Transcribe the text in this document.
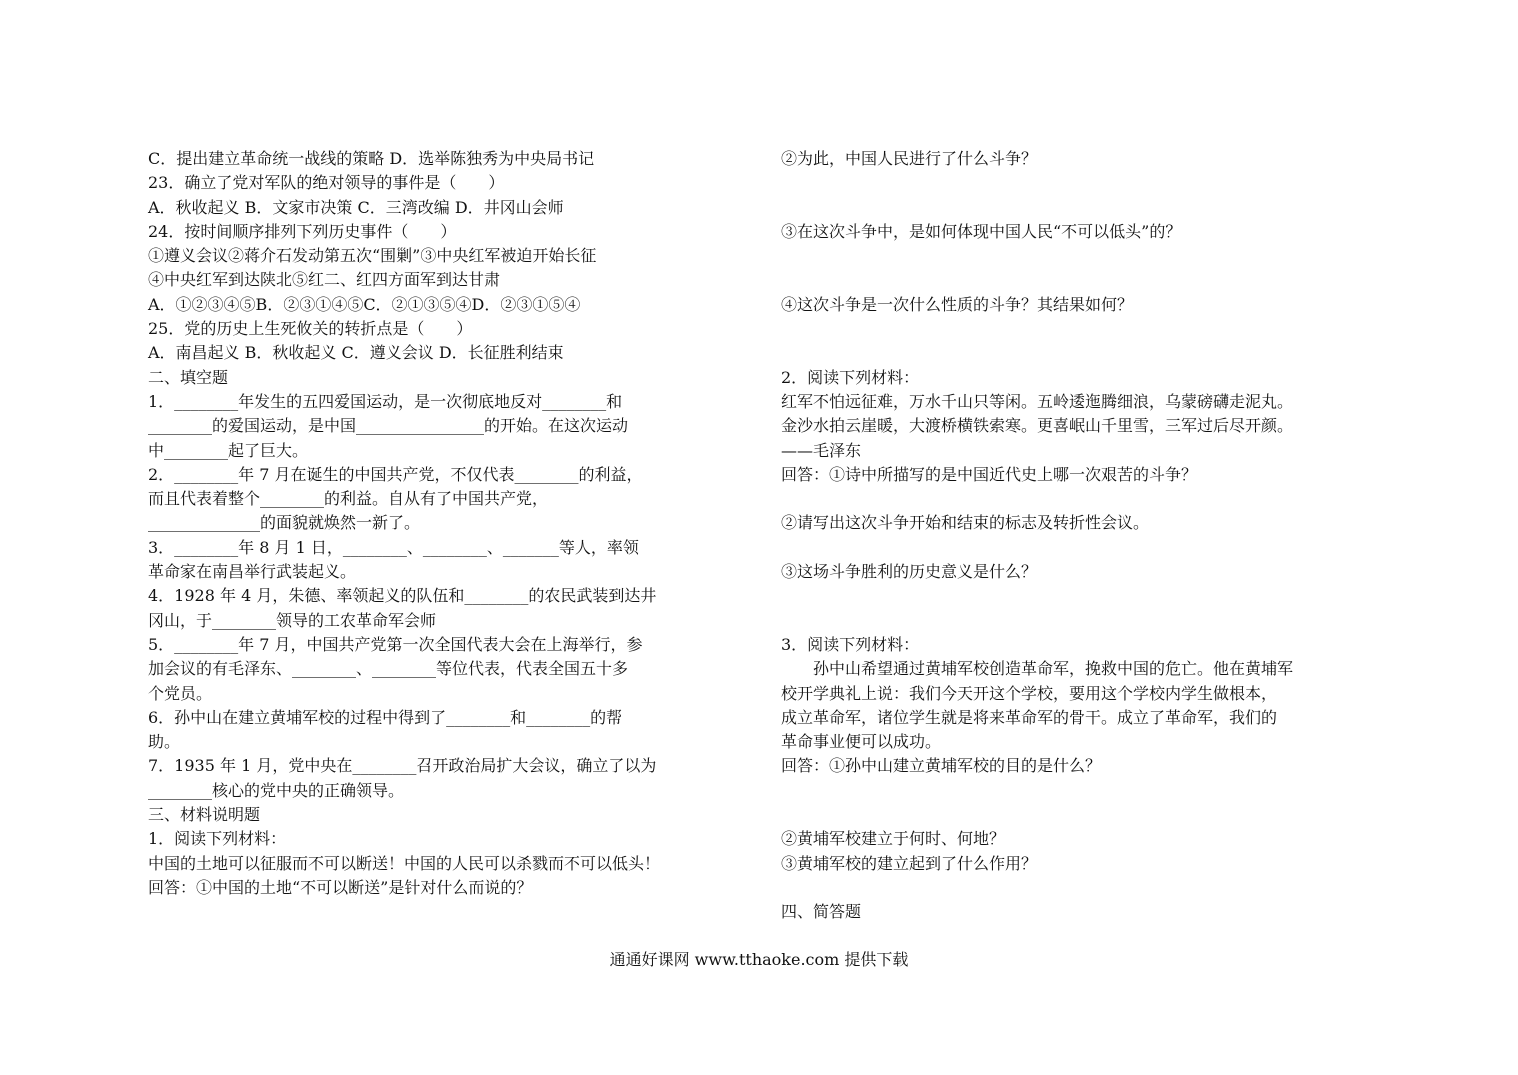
C．提出建立革命统一战线的策略 D．选举陈独秀为中央局书记
23．确立了党对军队的绝对领导的事件是（　　）
A．秋收起义 B．文家市决策 C．三湾改编 D．井冈山会师
24．按时间顺序排列下列历史事件（　　）
①遵义会议②蒋介石发动第五次“围剿”③中央红军被迫开始长征
④中央红军到达陕北⑤红二、红四方面军到达甘肃
A．①②③④⑤B．②③①④⑤C．②①③⑤④D．②③①⑤④
25．党的历史上生死攸关的转折点是（　　）
A．南昌起义 B．秋收起义 C．遵义会议 D．长征胜利结束
二、填空题
1．________年发生的五四爱国运动，是一次彻底地反对________和
________的爱国运动，是中国________________的开始。在这次运动
中________起了巨大。
2．________年 7 月在诞生的中国共产党，不仅代表________的利益，
而且代表着整个________的利益。自从有了中国共产党，
______________的面貌就焕然一新了。
3．________年 8 月 1 日，________、________、_______等人，率领
革命家在南昌举行武装起义。
4．1928 年 4 月，朱德、率领起义的队伍和________的农民武装到达井
冈山，于________领导的工农革命军会师
5．________年 7 月，中国共产党第一次全国代表大会在上海举行，参
加会议的有毛泽东、________、________等位代表，代表全国五十多
个党员。
6．孙中山在建立黄埔军校的过程中得到了________和________的帮
助。
7．1935 年 1 月，党中央在________召开政治局扩大会议，确立了以为
________核心的党中央的正确领导。
三、材料说明题
1．阅读下列材料：
中国的土地可以征服而不可以断送！中国的人民可以杀戮而不可以低头！
回答：①中国的土地“不可以断送”是针对什么而说的？
②为此，中国人民进行了什么斗争？
③在这次斗争中，是如何体现中国人民“不可以低头”的？
④这次斗争是一次什么性质的斗争？其结果如何？
2．阅读下列材料：
红军不怕远征难，万水千山只等闲。五岭逶迤腾细浪，乌蒙磅礴走泥丸。
金沙水拍云崖暖，大渡桥横铁索寒。更喜岷山千里雪，三军过后尽开颜。
——毛泽东
回答：①诗中所描写的是中国近代史上哪一次艰苦的斗争？
②请写出这次斗争开始和结束的标志及转折性会议。
③这场斗争胜利的历史意义是什么？
3．阅读下列材料：
孙中山希望通过黄埔军校创造革命军，挽救中国的危亡。他在黄埔军
校开学典礼上说：我们今天开这个学校，要用这个学校内学生做根本，
成立革命军，诸位学生就是将来革命军的骨干。成立了革命军，我们的
革命事业便可以成功。
回答：①孙中山建立黄埔军校的目的是什么？
②黄埔军校建立于何时、何地？
③黄埔军校的建立起到了什么作用？
四、简答题
通通好课网 www.tthaoke.com 提供下载
